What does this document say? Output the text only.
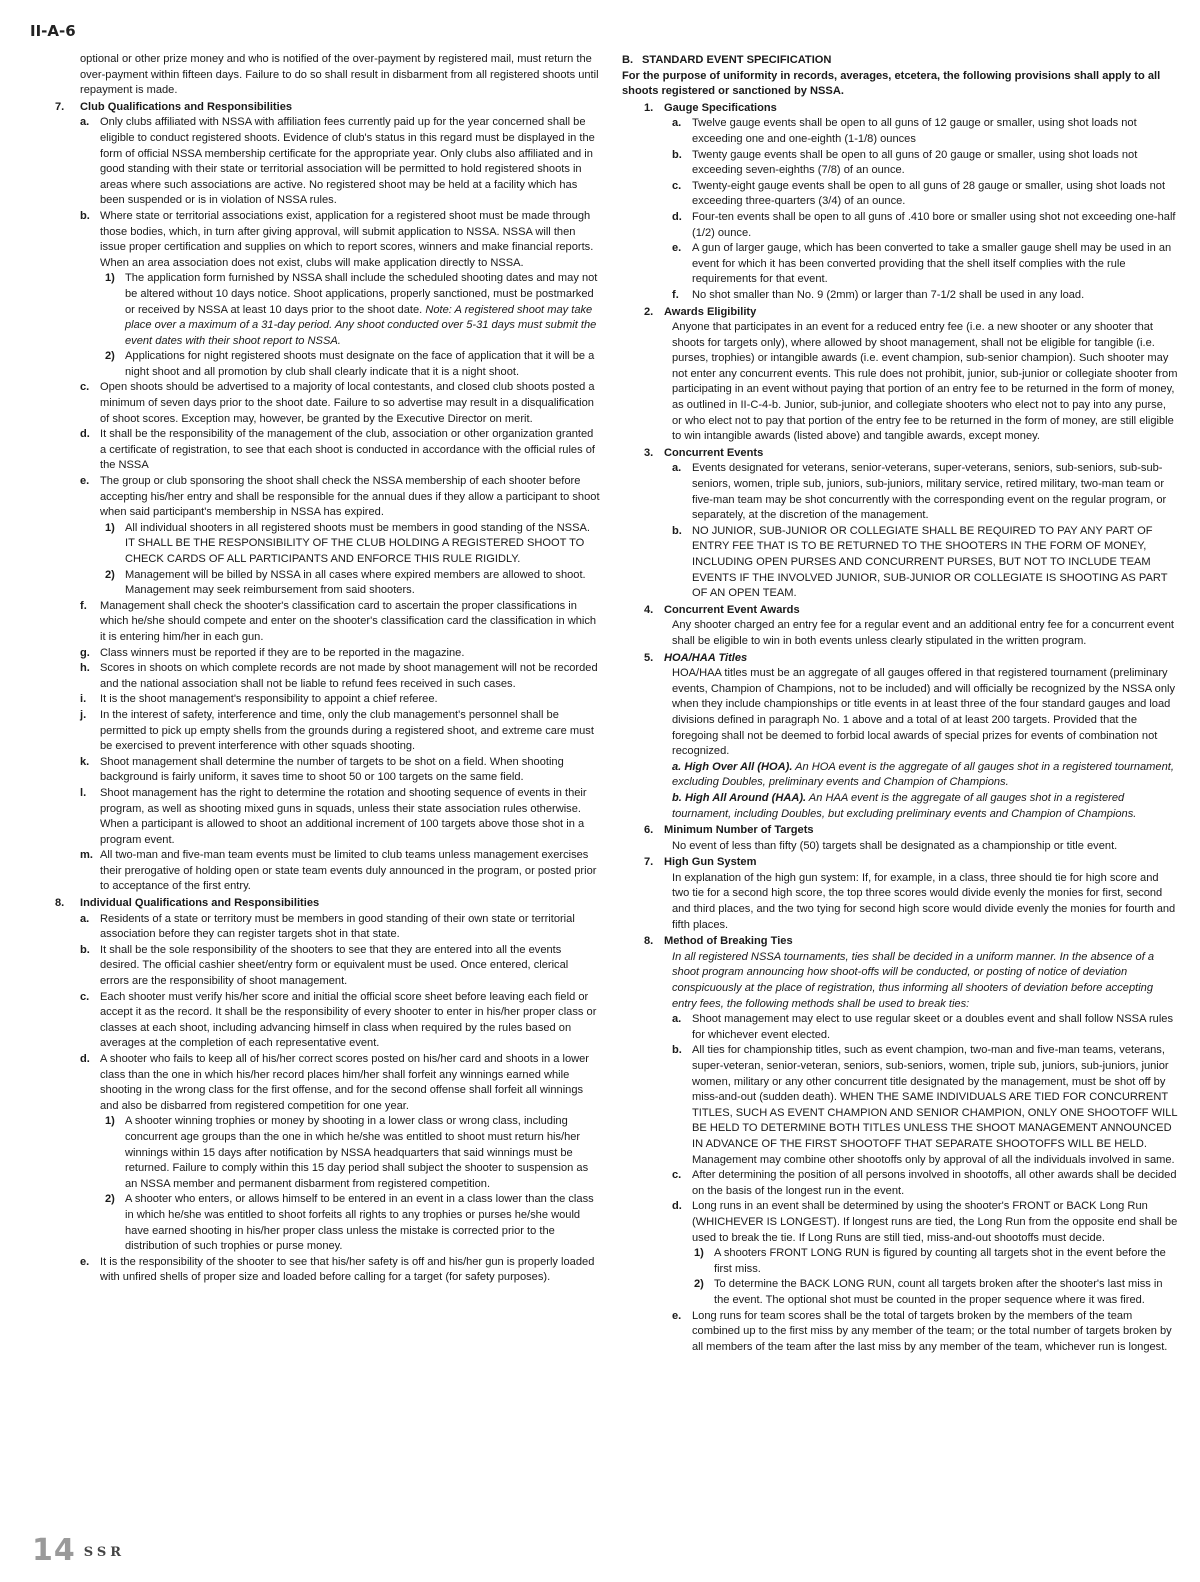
II-A-6
optional or other prize money and who is notified of the over-payment by registered mail, must return the over-payment within fifteen days. Failure to do so shall result in disbarment from all registered shoots until repayment is made.
7. Club Qualifications and Responsibilities
a. Only clubs affiliated with NSSA with affiliation fees currently paid up for the year concerned shall be eligible to conduct registered shoots. Evidence of club's status in this regard must be displayed in the form of official NSSA membership certificate for the appropriate year. Only clubs also affiliated and in good standing with their state or territorial association will be permitted to hold registered shoots in areas where such associations are active. No registered shoot may be held at a facility which has been suspended or is in violation of NSSA rules.
b. Where state or territorial associations exist, application for a registered shoot must be made through those bodies, which, in turn after giving approval, will submit application to NSSA. NSSA will then issue proper certification and supplies on which to report scores, winners and make financial reports. When an area association does not exist, clubs will make application directly to NSSA.
1) The application form furnished by NSSA shall include the scheduled shooting dates and may not be altered without 10 days notice. Shoot applications, properly sanctioned, must be postmarked or received by NSSA at least 10 days prior to the shoot date. Note: A registered shoot may take place over a maximum of a 31-day period. Any shoot conducted over 5-31 days must submit the event dates with their shoot report to NSSA.
2) Applications for night registered shoots must designate on the face of application that it will be a night shoot and all promotion by club shall clearly indicate that it is a night shoot.
c. Open shoots should be advertised to a majority of local contestants, and closed club shoots posted a minimum of seven days prior to the shoot date. Failure to so advertise may result in a disqualification of shoot scores. Exception may, however, be granted by the Executive Director on merit.
d. It shall be the responsibility of the management of the club, association or other organization granted a certificate of registration, to see that each shoot is conducted in accordance with the official rules of the NSSA
e. The group or club sponsoring the shoot shall check the NSSA membership of each shooter before accepting his/her entry and shall be responsible for the annual dues if they allow a participant to shoot when said participant's membership in NSSA has expired.
1) All individual shooters in all registered shoots must be members in good standing of the NSSA. IT SHALL BE THE RESPONSIBILITY OF THE CLUB HOLDING A REGISTERED SHOOT TO CHECK CARDS OF ALL PARTICIPANTS AND ENFORCE THIS RULE RIGIDLY.
2) Management will be billed by NSSA in all cases where expired members are allowed to shoot. Management may seek reimbursement from said shooters.
f. Management shall check the shooter's classification card to ascertain the proper classifications in which he/she should compete and enter on the shooter's classification card the classification in which it is entering him/her in each gun.
g. Class winners must be reported if they are to be reported in the magazine.
h. Scores in shoots on which complete records are not made by shoot management will not be recorded and the national association shall not be liable to refund fees received in such cases.
i. It is the shoot management's responsibility to appoint a chief referee.
j. In the interest of safety, interference and time, only the club management's personnel shall be permitted to pick up empty shells from the grounds during a registered shoot, and extreme care must be exercised to prevent interference with other squads shooting.
k. Shoot management shall determine the number of targets to be shot on a field. When shooting background is fairly uniform, it saves time to shoot 50 or 100 targets on the same field.
l. Shoot management has the right to determine the rotation and shooting sequence of events in their program, as well as shooting mixed guns in squads, unless their state association rules otherwise. When a participant is allowed to shoot an additional increment of 100 targets above those shot in a program event.
m. All two-man and five-man team events must be limited to club teams unless management exercises their prerogative of holding open or state team events duly announced in the program, or posted prior to acceptance of the first entry.
8. Individual Qualifications and Responsibilities
a. Residents of a state or territory must be members in good standing of their own state or territorial association before they can register targets shot in that state.
b. It shall be the sole responsibility of the shooters to see that they are entered into all the events desired. The official cashier sheet/entry form or equivalent must be used. Once entered, clerical errors are the responsibility of shoot management.
c. Each shooter must verify his/her score and initial the official score sheet before leaving each field or accept it as the record. It shall be the responsibility of every shooter to enter in his/her proper class or classes at each shoot, including advancing himself in class when required by the rules based on averages at the completion of each representative event.
d. A shooter who fails to keep all of his/her correct scores posted on his/her card and shoots in a lower class than the one in which his/her record places him/her shall forfeit any winnings earned while shooting in the wrong class for the first offense, and for the second offense shall forfeit all winnings and also be disbarred from registered competition for one year.
1) A shooter winning trophies or money by shooting in a lower class or wrong class, including concurrent age groups than the one in which he/she was entitled to shoot must return his/her winnings within 15 days after notification by NSSA headquarters that said winnings must be returned. Failure to comply within this 15 day period shall subject the shooter to suspension as an NSSA member and permanent disbarment from registered competition.
2) A shooter who enters, or allows himself to be entered in an event in a class lower than the class in which he/she was entitled to shoot forfeits all rights to any trophies or purses he/she would have earned shooting in his/her proper class unless the mistake is corrected prior to the distribution of such trophies or purse money.
e. It is the responsibility of the shooter to see that his/her safety is off and his/her gun is properly loaded with unfired shells of proper size and loaded before calling for a target (for safety purposes).
B. STANDARD EVENT SPECIFICATION
For the purpose of uniformity in records, averages, etcetera, the following provisions shall apply to all shoots registered or sanctioned by NSSA.
1. Gauge Specifications
a. Twelve gauge events shall be open to all guns of 12 gauge or smaller, using shot loads not exceeding one and one-eighth (1-1/8) ounces
b. Twenty gauge events shall be open to all guns of 20 gauge or smaller, using shot loads not exceeding seven-eighths (7/8) of an ounce.
c. Twenty-eight gauge events shall be open to all guns of 28 gauge or smaller, using shot loads not exceeding three-quarters (3/4) of an ounce.
d. Four-ten events shall be open to all guns of .410 bore or smaller using shot not exceeding one-half (1/2) ounce.
e. A gun of larger gauge, which has been converted to take a smaller gauge shell may be used in an event for which it has been converted providing that the shell itself complies with the rule requirements for that event.
f. No shot smaller than No. 9 (2mm) or larger than 7-1/2 shall be used in any load.
2. Awards Eligibility
Anyone that participates in an event for a reduced entry fee (i.e. a new shooter or any shooter that shoots for targets only), where allowed by shoot management, shall not be eligible for tangible (i.e. purses, trophies) or intangible awards (i.e. event champion, sub-senior champion). Such shooter may not enter any concurrent events. This rule does not prohibit, junior, sub-junior or collegiate shooter from participating in an event without paying that portion of an entry fee to be returned in the form of money, as outlined in II-C-4-b. Junior, sub-junior, and collegiate shooters who elect not to pay into any purse, or who elect not to pay that portion of the entry fee to be returned in the form of money, are still eligible to win intangible awards (listed above) and tangible awards, except money.
3. Concurrent Events
a. Events designated for veterans, senior-veterans, super-veterans, seniors, sub-seniors, sub-sub-seniors, women, triple sub, juniors, sub-juniors, military service, retired military, two-man team or five-man team may be shot concurrently with the corresponding event on the regular program, or separately, at the discretion of the management.
b. NO JUNIOR, SUB-JUNIOR OR COLLEGIATE SHALL BE REQUIRED TO PAY ANY PART OF ENTRY FEE THAT IS TO BE RETURNED TO THE SHOOTERS IN THE FORM OF MONEY, INCLUDING OPEN PURSES AND CONCURRENT PURSES, BUT NOT TO INCLUDE TEAM EVENTS IF THE INVOLVED JUNIOR, SUB-JUNIOR OR COLLEGIATE IS SHOOTING AS PART OF AN OPEN TEAM.
4. Concurrent Event Awards
Any shooter charged an entry fee for a regular event and an additional entry fee for a concurrent event shall be eligible to win in both events unless clearly stipulated in the written program.
5. HOA/HAA Titles
HOA/HAA titles must be an aggregate of all gauges offered in that registered tournament (preliminary events, Champion of Champions, not to be included) and will officially be recognized by the NSSA only when they include championships or title events in at least three of the four standard gauges and load divisions defined in paragraph No. 1 above and a total of at least 200 targets. Provided that the foregoing shall not be deemed to forbid local awards of special prizes for events of combination not recognized.
a. High Over All (HOA). An HOA event is the aggregate of all gauges shot in a registered tournament, excluding Doubles, preliminary events and Champion of Champions.
b. High All Around (HAA). An HAA event is the aggregate of all gauges shot in a registered tournament, including Doubles, but excluding preliminary events and Champion of Champions.
6. Minimum Number of Targets
No event of less than fifty (50) targets shall be designated as a championship or title event.
7. High Gun System
In explanation of the high gun system: If, for example, in a class, three should tie for high score and two tie for a second high score, the top three scores would divide evenly the monies for first, second and third places, and the two tying for second high score would divide evenly the monies for fourth and fifth places.
8. Method of Breaking Ties
In all registered NSSA tournaments, ties shall be decided in a uniform manner. In the absence of a shoot program announcing how shoot-offs will be conducted, or posting of notice of deviation conspicuously at the place of registration, thus informing all shooters of deviation before accepting entry fees, the following methods shall be used to break ties:
a. Shoot management may elect to use regular skeet or a doubles event and shall follow NSSA rules for whichever event elected.
b. All ties for championship titles, such as event champion, two-man and five-man teams, veterans, super-veteran, senior-veteran, seniors, sub-seniors, women, triple sub, juniors, sub-juniors, junior women, military or any other concurrent title designated by the management, must be shot off by miss-and-out (sudden death). WHEN THE SAME INDIVIDUALS ARE TIED FOR CONCURRENT TITLES, SUCH AS EVENT CHAMPION AND SENIOR CHAMPION, ONLY ONE SHOOTOFF WILL BE HELD TO DETERMINE BOTH TITLES UNLESS THE SHOOT MANAGEMENT ANNOUNCED IN ADVANCE OF THE FIRST SHOOTOFF THAT SEPARATE SHOOTOFFS WILL BE HELD. Management may combine other shootoffs only by approval of all the individuals involved in same.
c. After determining the position of all persons involved in shootoffs, all other awards shall be decided on the basis of the longest run in the event.
d. Long runs in an event shall be determined by using the shooter's FRONT or BACK Long Run (WHICHEVER IS LONGEST). If longest runs are tied, the Long Run from the opposite end shall be used to break the tie. If Long Runs are still tied, miss-and-out shootoffs must decide.
1) A shooters FRONT LONG RUN is figured by counting all targets shot in the event before the first miss.
2) To determine the BACK LONG RUN, count all targets broken after the shooter's last miss in the event. The optional shot must be counted in the proper sequence where it was fired.
e. Long runs for team scores shall be the total of targets broken by the members of the team combined up to the first miss by any member of the team; or the total number of targets broken by all members of the team after the last miss by any member of the team, whichever run is longest.
14 $^{SSR}$
